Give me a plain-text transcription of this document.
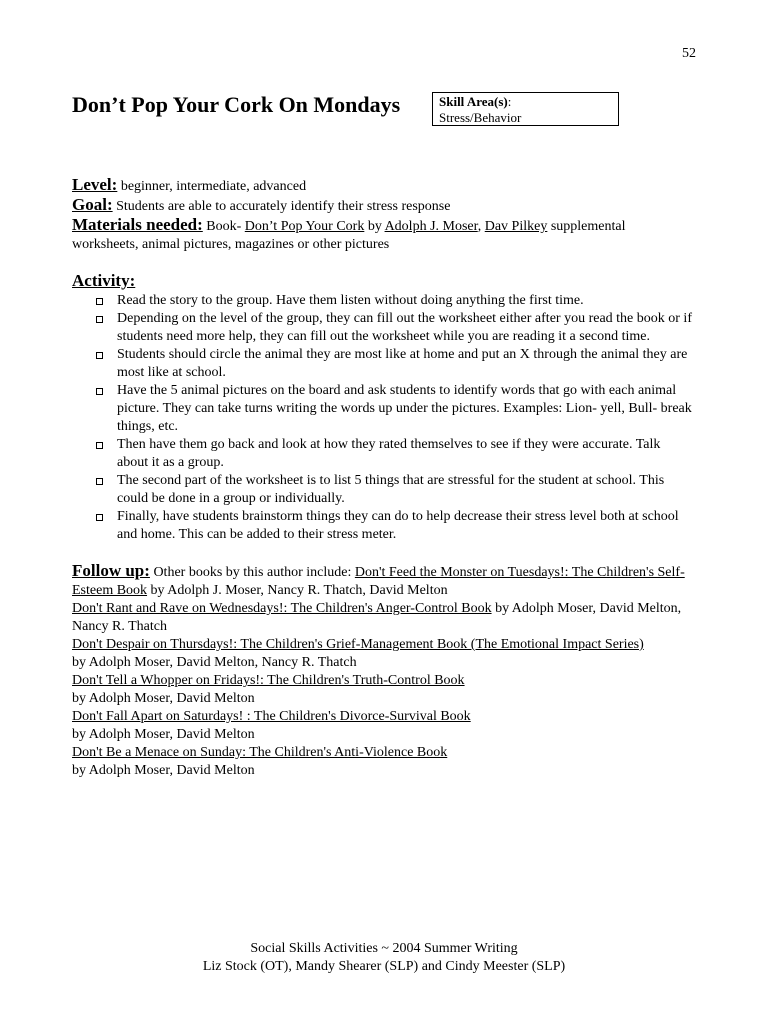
52
Don’t Pop Your Cork On Mondays	Skill Area(s):
Stress/Behavior

Level: beginner, intermediate, advanced

Goal: Students are able to accurately identify their stress response

Materials needed: Book- Don’t Pop Your Cork by Adolph J. Moser, Dav Pilkey supplemental worksheets, animal pictures, magazines or other pictures

Activity:
Read the story to the group. Have them listen without doing anything the first time.
Depending on the level of the group, they can fill out the worksheet either after you read the book or if students need more help, they can fill out the worksheet while you are reading it a second time.
Students should circle the animal they are most like at home and put an X through the animal they are most like at school.
Have the 5 animal pictures on the board and ask students to identify words that go with each animal picture. They can take turns writing the words up under the pictures. Examples: Lion- yell, Bull- break things, etc.
Then have them go back and look at how they rated themselves to see if they were accurate. Talk about it as a group.
The second part of the worksheet is to list 5 things that are stressful for the student at school. This could be done in a group or individually.
Finally, have students brainstorm things they can do to help decrease their stress level both at school and home. This can be added to their stress meter.
Follow up: Other books by this author include: Don't Feed the Monster on Tuesdays!: The Children's Self-Esteem Book by Adolph J. Moser, Nancy R. Thatch, David Melton
Don't Rant and Rave on Wednesdays!: The Children's Anger-Control Book by Adolph Moser, David Melton, Nancy R. Thatch
Don't Despair on Thursdays!: The Children's Grief-Management Book (The Emotional Impact Series)
by Adolph Moser, David Melton, Nancy R. Thatch
Don't Tell a Whopper on Fridays!: The Children's Truth-Control Book
by Adolph Moser, David Melton
Don't Fall Apart on Saturdays! : The Children's Divorce-Survival Book
by Adolph Moser, David Melton
Don't Be a Menace on Sunday: The Children's Anti-Violence Book
by Adolph Moser, David Melton
Social Skills Activities ~ 2004 Summer Writing
Liz Stock (OT), Mandy Shearer (SLP) and Cindy Meester (SLP)
